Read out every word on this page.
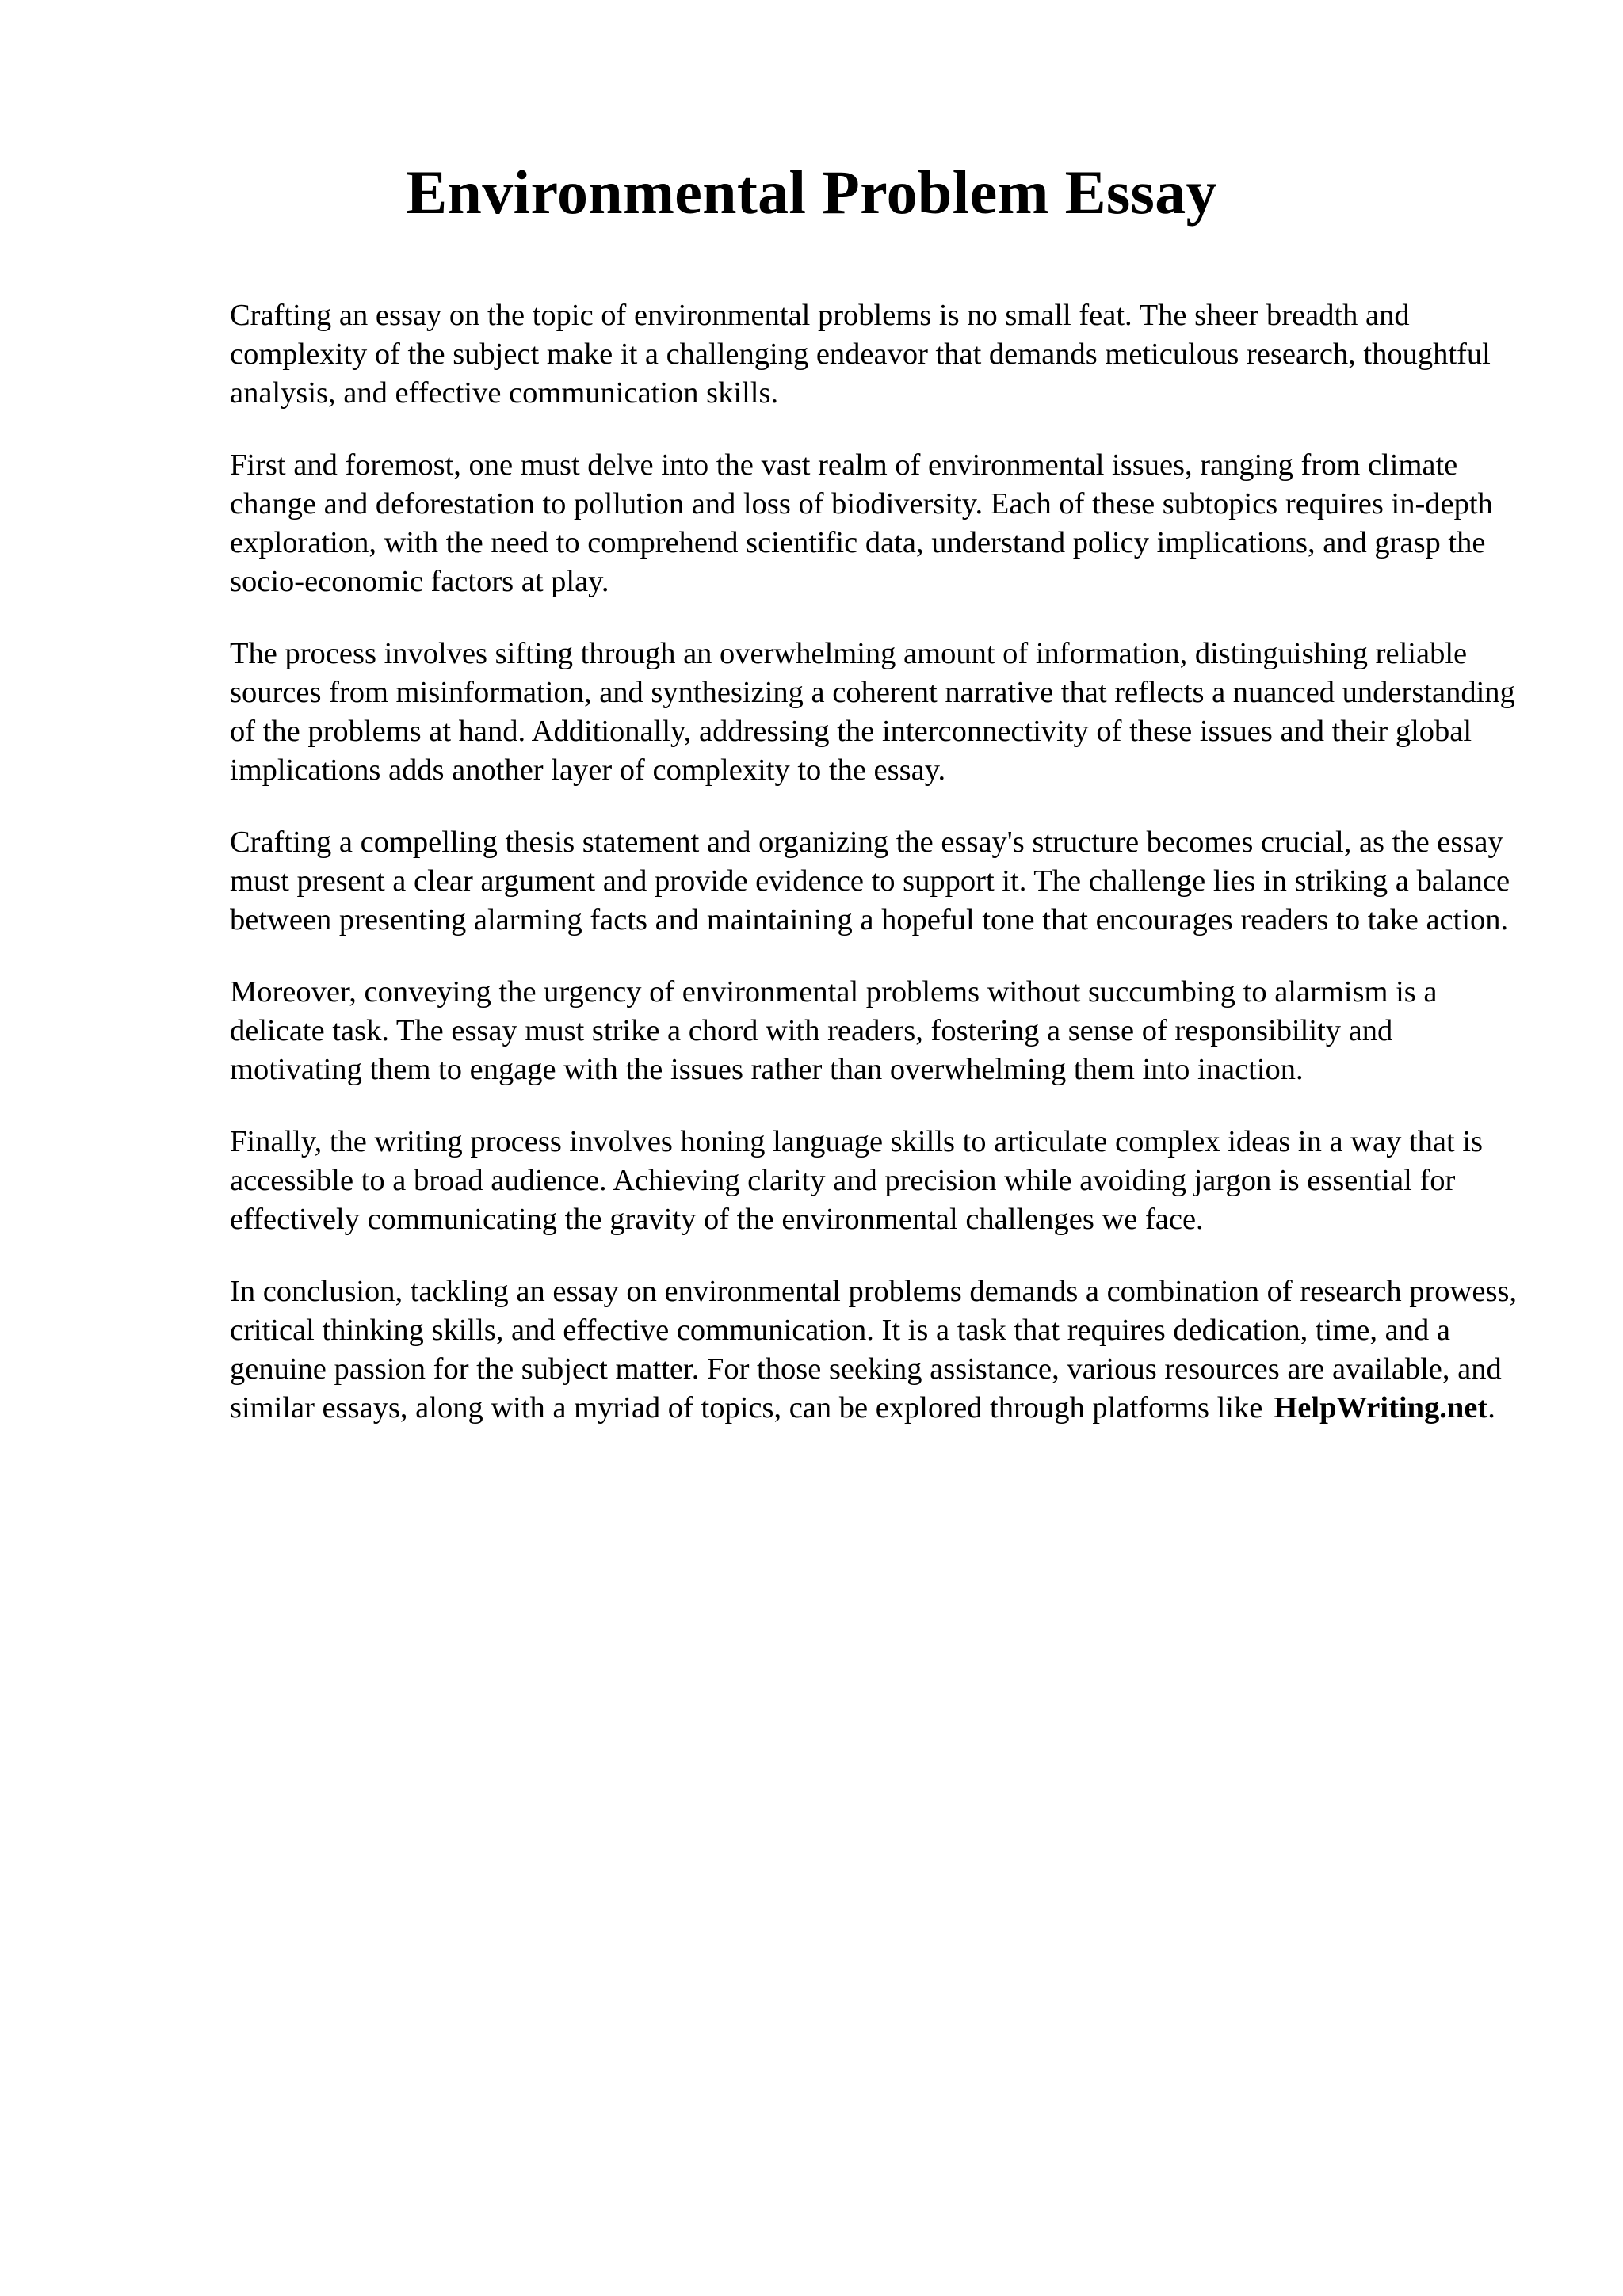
Environmental Problem Essay

Crafting an essay on the topic of environmental problems is no small feat. The sheer breadth and complexity of the subject make it a challenging endeavor that demands meticulous research, thoughtful analysis, and effective communication skills.

First and foremost, one must delve into the vast realm of environmental issues, ranging from climate change and deforestation to pollution and loss of biodiversity. Each of these subtopics requires in-depth exploration, with the need to comprehend scientific data, understand policy implications, and grasp the socio-economic factors at play.

The process involves sifting through an overwhelming amount of information, distinguishing reliable sources from misinformation, and synthesizing a coherent narrative that reflects a nuanced understanding of the problems at hand. Additionally, addressing the interconnectivity of these issues and their global implications adds another layer of complexity to the essay.

Crafting a compelling thesis statement and organizing the essay's structure becomes crucial, as the essay must present a clear argument and provide evidence to support it. The challenge lies in striking a balance between presenting alarming facts and maintaining a hopeful tone that encourages readers to take action.

Moreover, conveying the urgency of environmental problems without succumbing to alarmism is a delicate task. The essay must strike a chord with readers, fostering a sense of responsibility and motivating them to engage with the issues rather than overwhelming them into inaction.

Finally, the writing process involves honing language skills to articulate complex ideas in a way that is accessible to a broad audience. Achieving clarity and precision while avoiding jargon is essential for effectively communicating the gravity of the environmental challenges we face.

In conclusion, tackling an essay on environmental problems demands a combination of research prowess, critical thinking skills, and effective communication. It is a task that requires dedication, time, and a genuine passion for the subject matter. For those seeking assistance, various resources are available, and similar essays, along with a myriad of topics, can be explored through platforms like HelpWriting.net.
